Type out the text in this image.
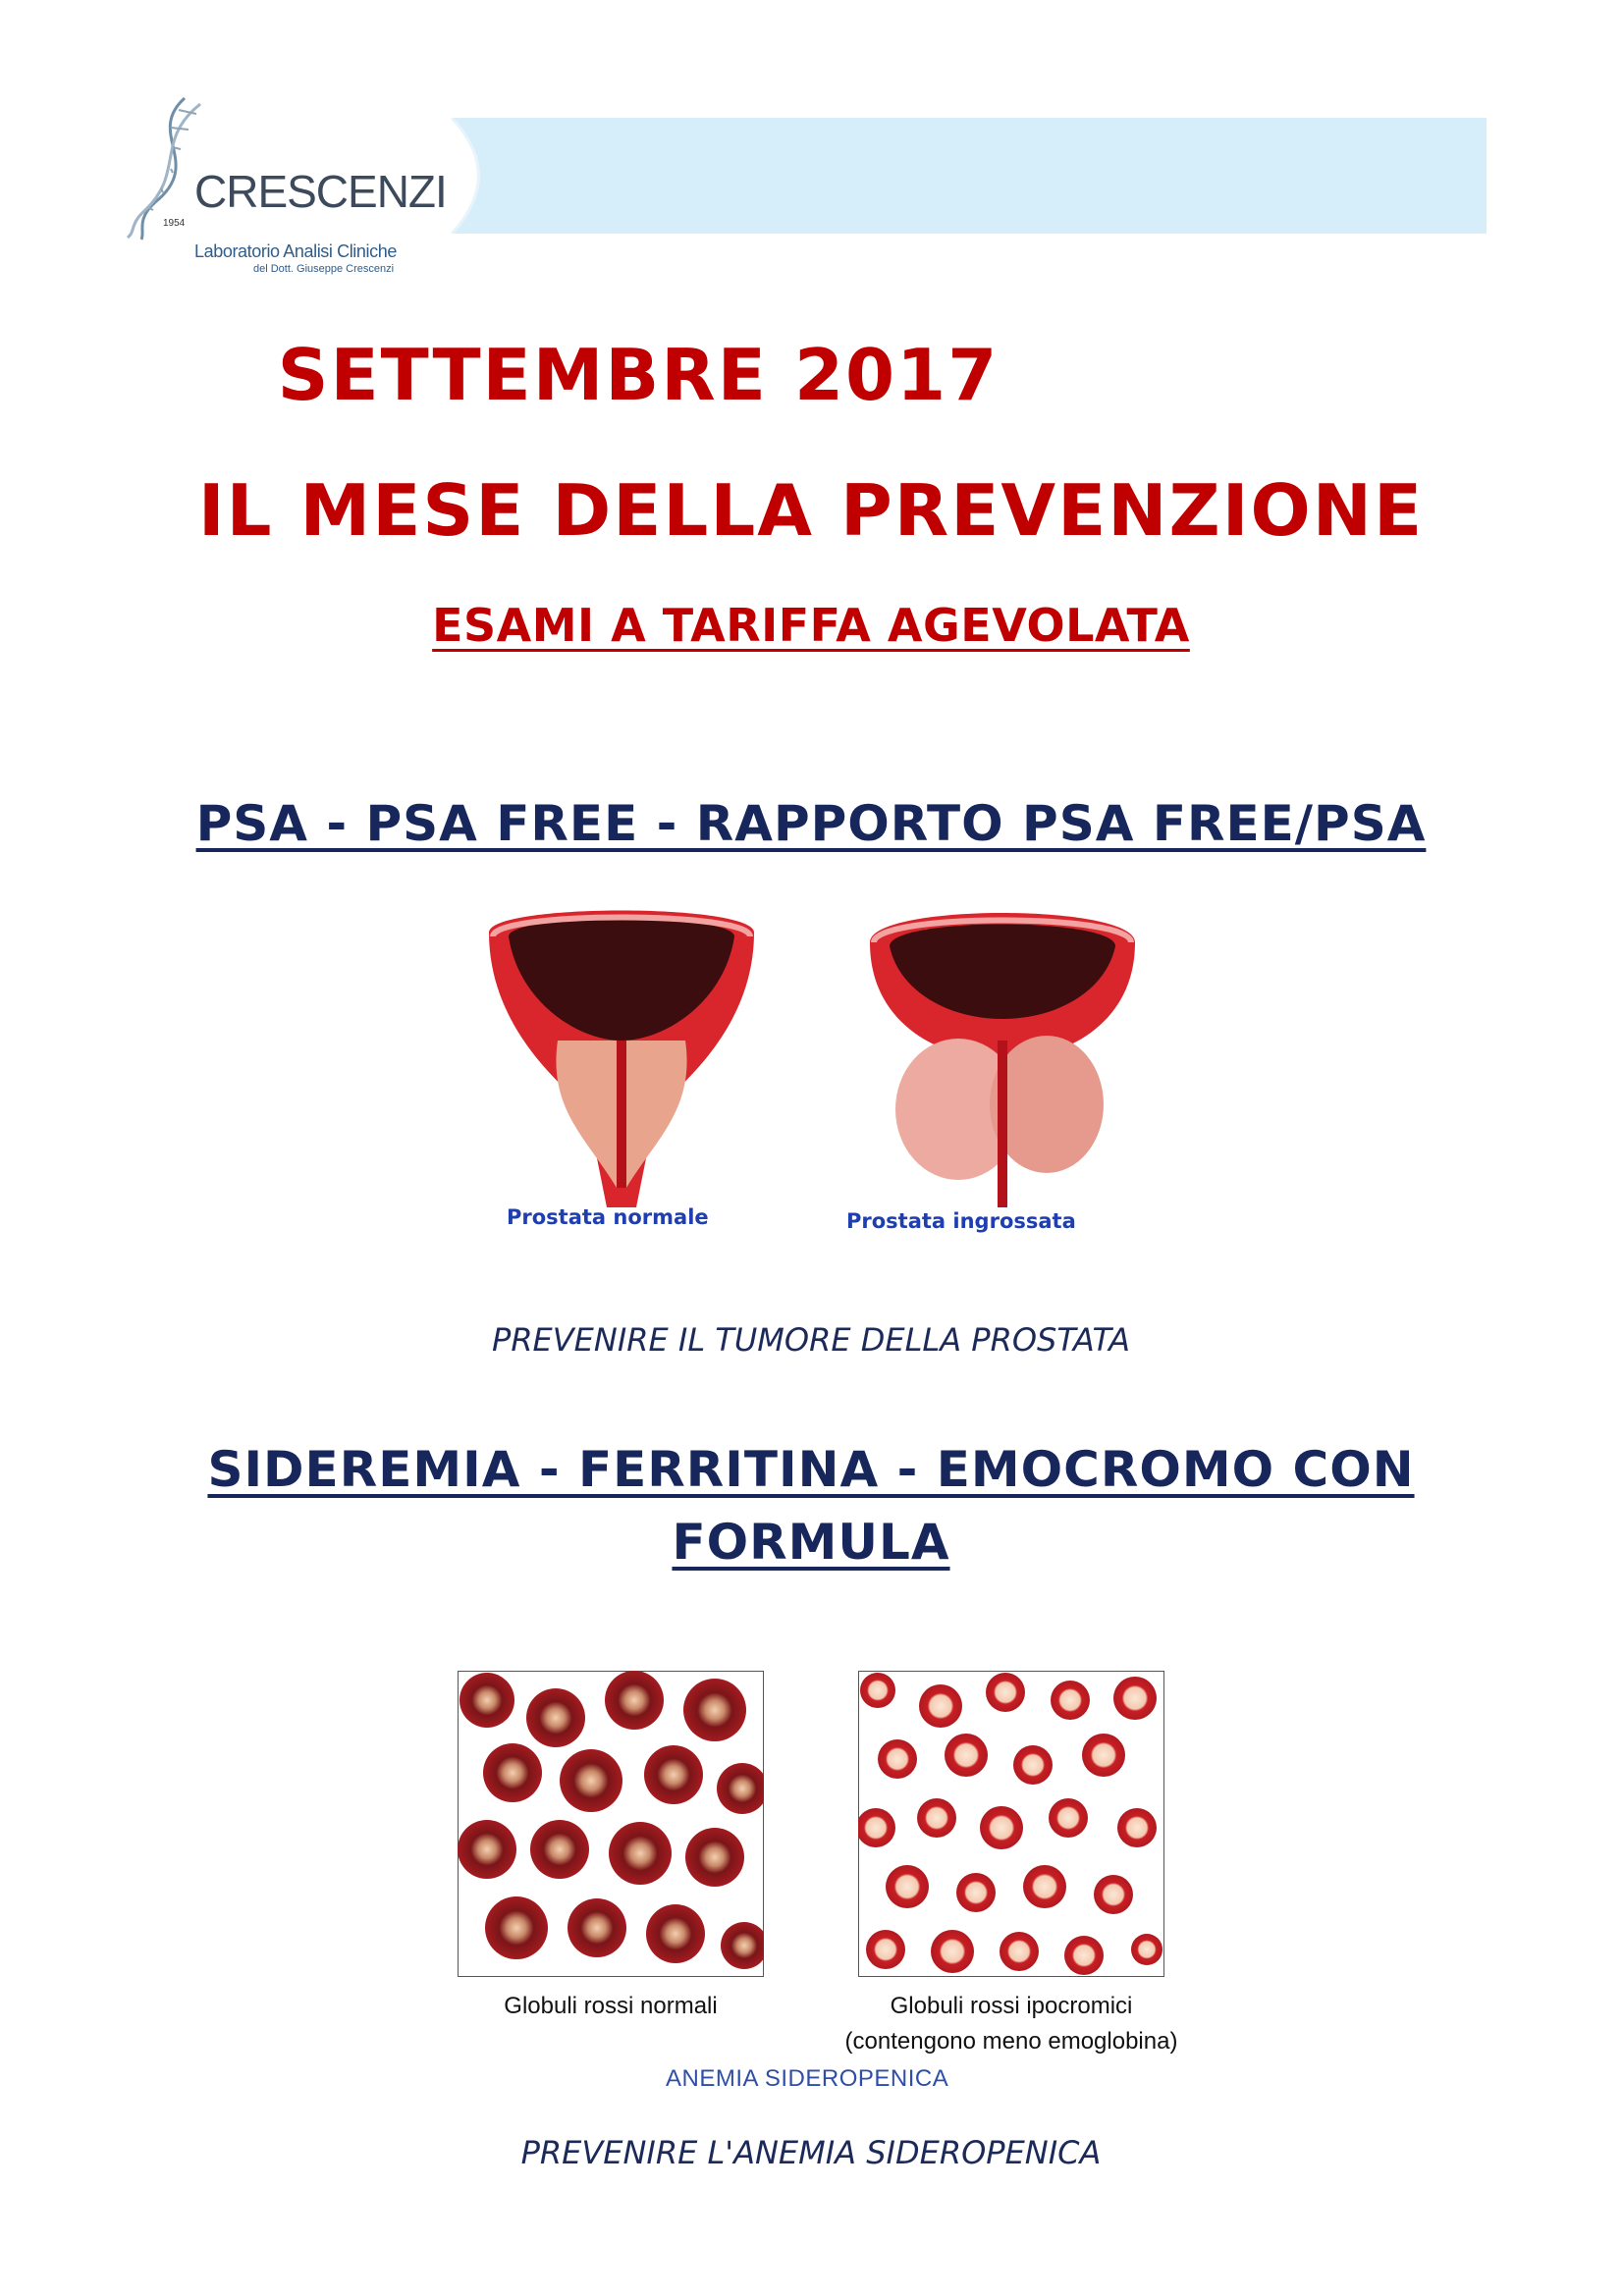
CRESCENZI
1954
Laboratorio Analisi Cliniche
del Dott. Giuseppe Crescenzi
SETTEMBRE 2017
IL MESE DELLA PREVENZIONE
ESAMI A TARIFFA AGEVOLATA
PSA - PSA FREE - RAPPORTO PSA FREE/PSA
Prostata normale	Prostata ingrossata
PREVENIRE IL TUMORE DELLA PROSTATA
SIDEREMIA - FERRITINA - EMOCROMO CON
FORMULA
Globuli rossi normali	Globuli rossi ipocromici
(contengono meno emoglobina)
ANEMIA SIDEROPENICA
PREVENIRE L'ANEMIA SIDEROPENICA
